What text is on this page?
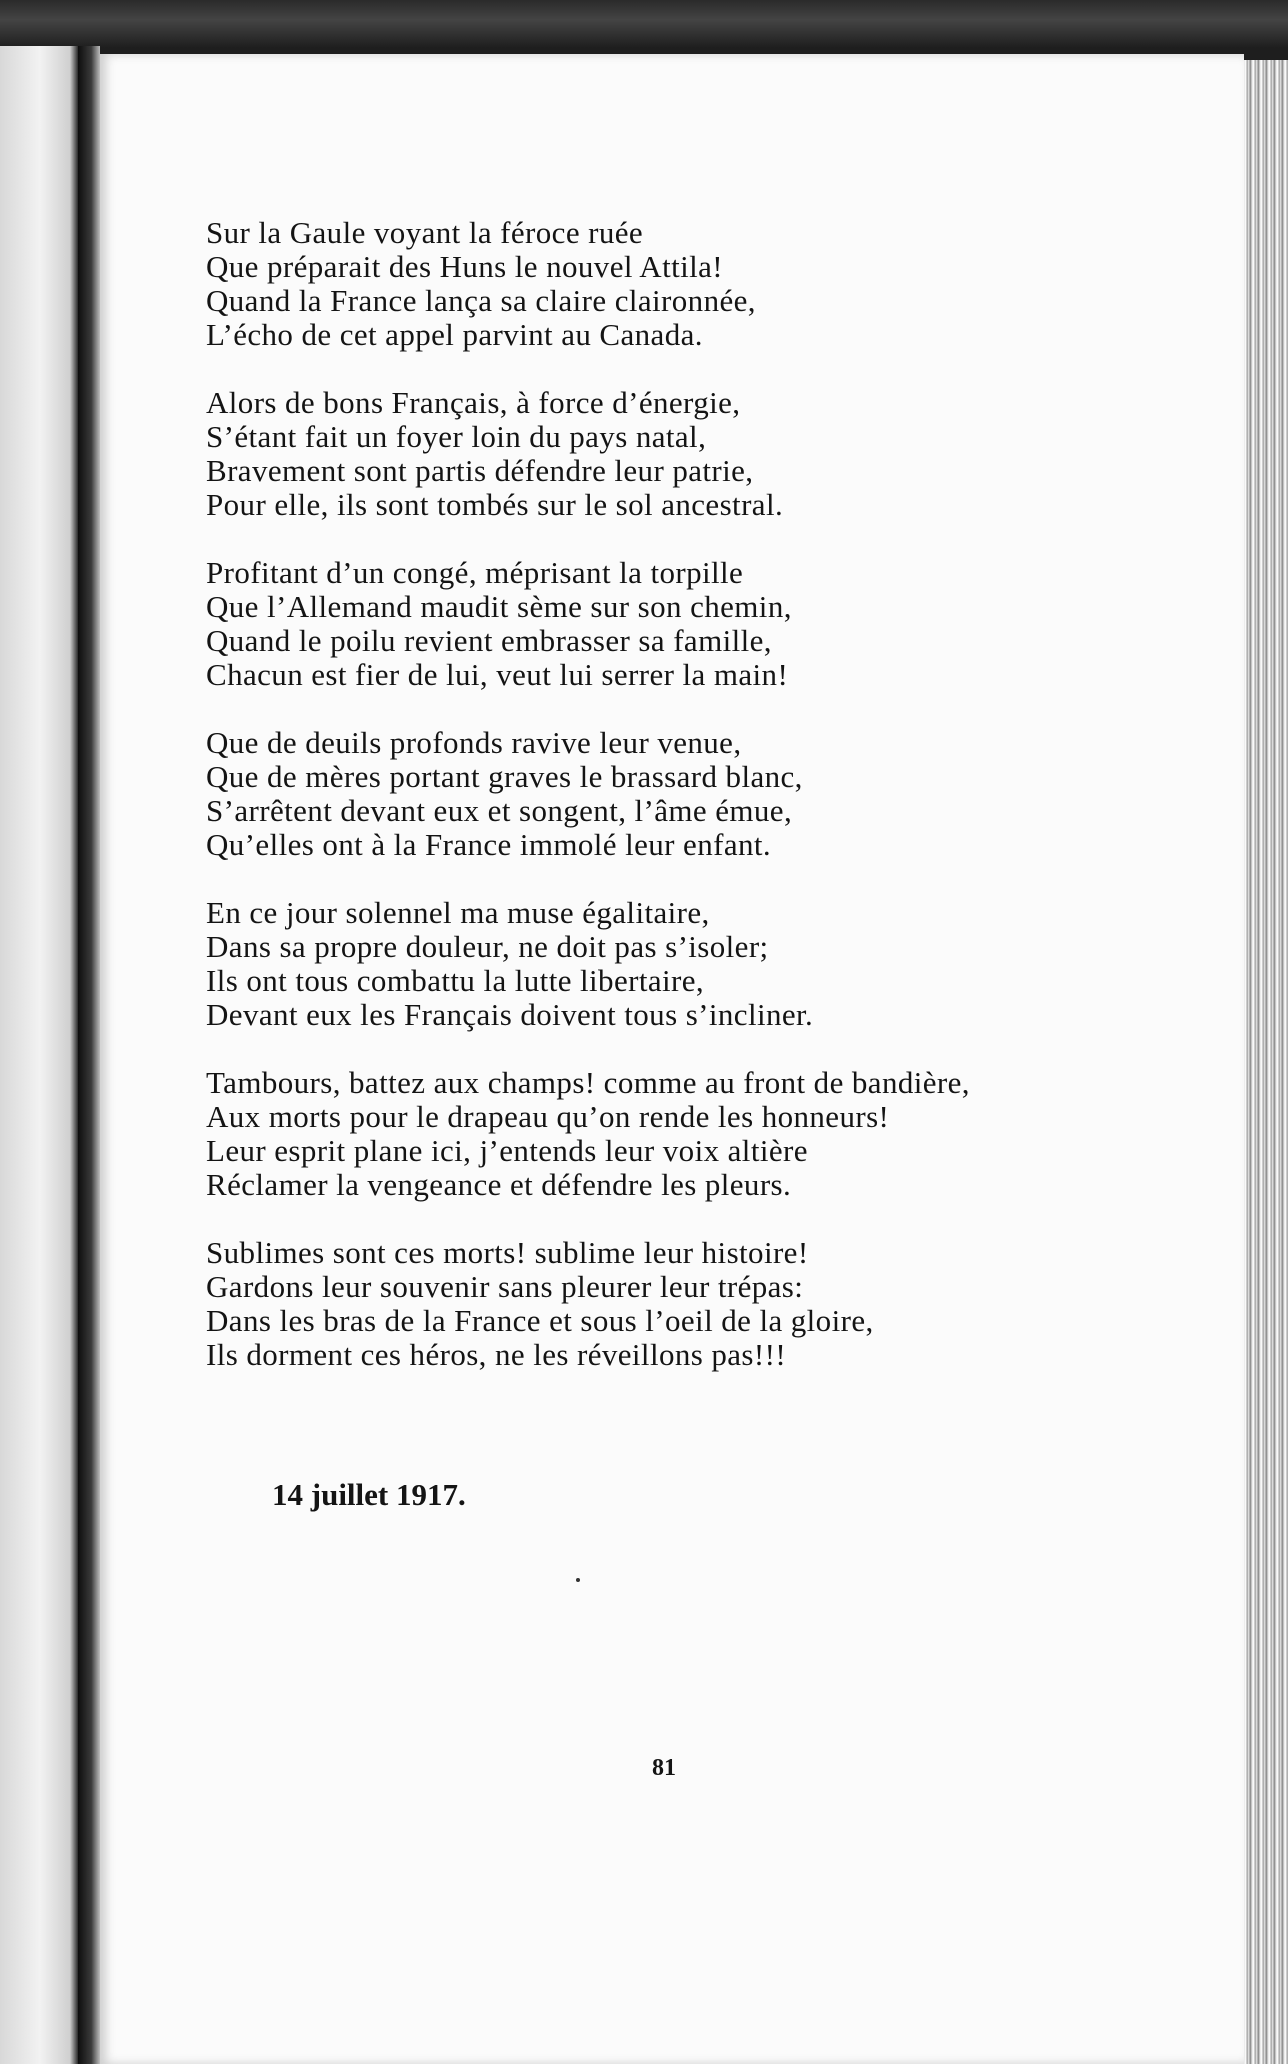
Sur la Gaule voyant la féroce ruée
Que préparait des Huns le nouvel Attila!
Quand la France lança sa claire claironnée,
L’écho de cet appel parvint au Canada.
Alors de bons Français, à force d’énergie,
S’étant fait un foyer loin du pays natal,
Bravement sont partis défendre leur patrie,
Pour elle, ils sont tombés sur le sol ancestral.
Profitant d’un congé, méprisant la torpille
Que l’Allemand maudit sème sur son chemin,
Quand le poilu revient embrasser sa famille,
Chacun est fier de lui, veut lui serrer la main!
Que de deuils profonds ravive leur venue,
Que de mères portant graves le brassard blanc,
S’arrêtent devant eux et songent, l’âme émue,
Qu’elles ont à la France immolé leur enfant.
En ce jour solennel ma muse égalitaire,
Dans sa propre douleur, ne doit pas s’isoler;
Ils ont tous combattu la lutte libertaire,
Devant eux les Français doivent tous s’incliner.
Tambours, battez aux champs! comme au front de bandière,
Aux morts pour le drapeau qu’on rende les honneurs!
Leur esprit plane ici, j’entends leur voix altière
Réclamer la vengeance et défendre les pleurs.
Sublimes sont ces morts! sublime leur histoire!
Gardons leur souvenir sans pleurer leur trépas:
Dans les bras de la France et sous l’oeil de la gloire,
Ils dorment ces héros, ne les réveillons pas!!!
14 juillet 1917.
81
